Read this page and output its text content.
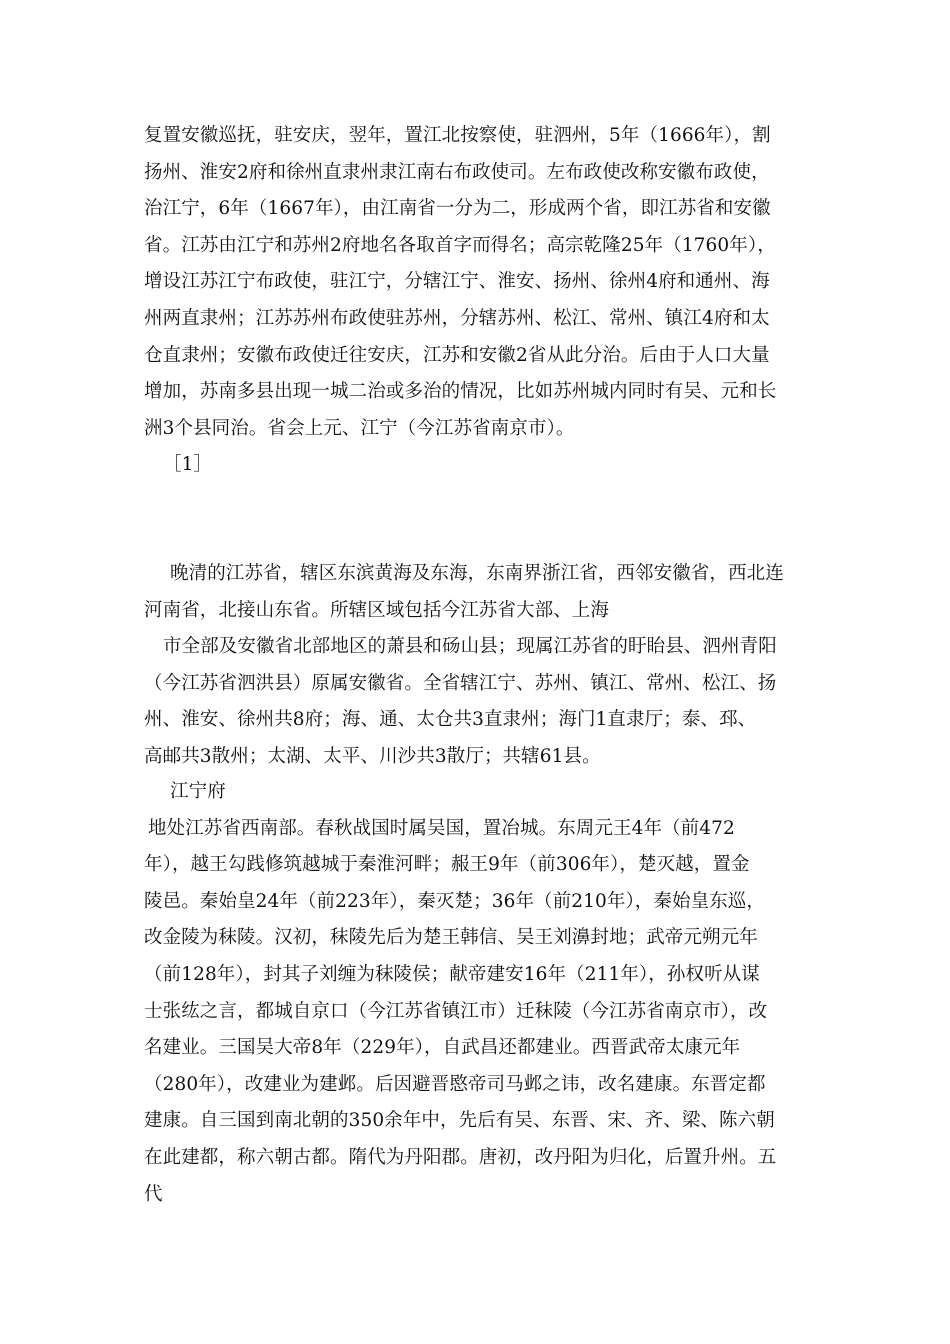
复置安徽巡抚，驻安庆，翌年，置江北按察使，驻泗州，5年（1666年），割
扬州、淮安2府和徐州直隶州隶江南右布政使司。左布政使改称安徽布政使，
治江宁，6年（1667年），由江南省一分为二，形成两个省，即江苏省和安徽
省。江苏由江宁和苏州2府地名各取首字而得名；高宗乾隆25年（1760年），
增设江苏江宁布政使，驻江宁，分辖江宁、淮安、扬州、徐州4府和通州、海
州两直隶州；江苏苏州布政使驻苏州，分辖苏州、松江、常州、镇江4府和太
仓直隶州；安徽布政使迁往安庆，江苏和安徽2省从此分治。后由于人口大量
增加，苏南多县出现一城二治或多治的情况，比如苏州城内同时有吴、元和长
洲3个县同治。省会上元、江宁（今江苏省南京市）。
［1］
晚清的江苏省，辖区东滨黄海及东海，东南界浙江省，西邻安徽省，西北连
河南省，北接山东省。所辖区域包括今江苏省大部、上海
市全部及安徽省北部地区的萧县和砀山县；现属江苏省的盱眙县、泗州青阳
（今江苏省泗洪县）原属安徽省。全省辖江宁、苏州、镇江、常州、松江、扬
州、淮安、徐州共8府；海、通、太仓共3直隶州；海门1直隶厅；泰、邳、
高邮共3散州；太湖、太平、川沙共3散厅；共辖61县。
江宁府
地处江苏省西南部。春秋战国时属吴国，置冶城。东周元王4年（前472
年），越王勾践修筑越城于秦淮河畔；赧王9年（前306年），楚灭越，置金
陵邑。秦始皇24年（前223年），秦灭楚；36年（前210年），秦始皇东巡，
改金陵为秣陵。汉初，秣陵先后为楚王韩信、吴王刘濞封地；武帝元朔元年
（前128年），封其子刘缠为秣陵侯；献帝建安16年（211年），孙权听从谋
士张纮之言，都城自京口（今江苏省镇江市）迁秣陵（今江苏省南京市），改
名建业。三国吴大帝8年（229年），自武昌还都建业。西晋武帝太康元年
（280年），改建业为建邺。后因避晋愍帝司马邺之讳，改名建康。东晋定都
建康。自三国到南北朝的350余年中，先后有吴、东晋、宋、齐、梁、陈六朝
在此建都，称六朝古都。隋代为丹阳郡。唐初，改丹阳为归化，后置升州。五
代
